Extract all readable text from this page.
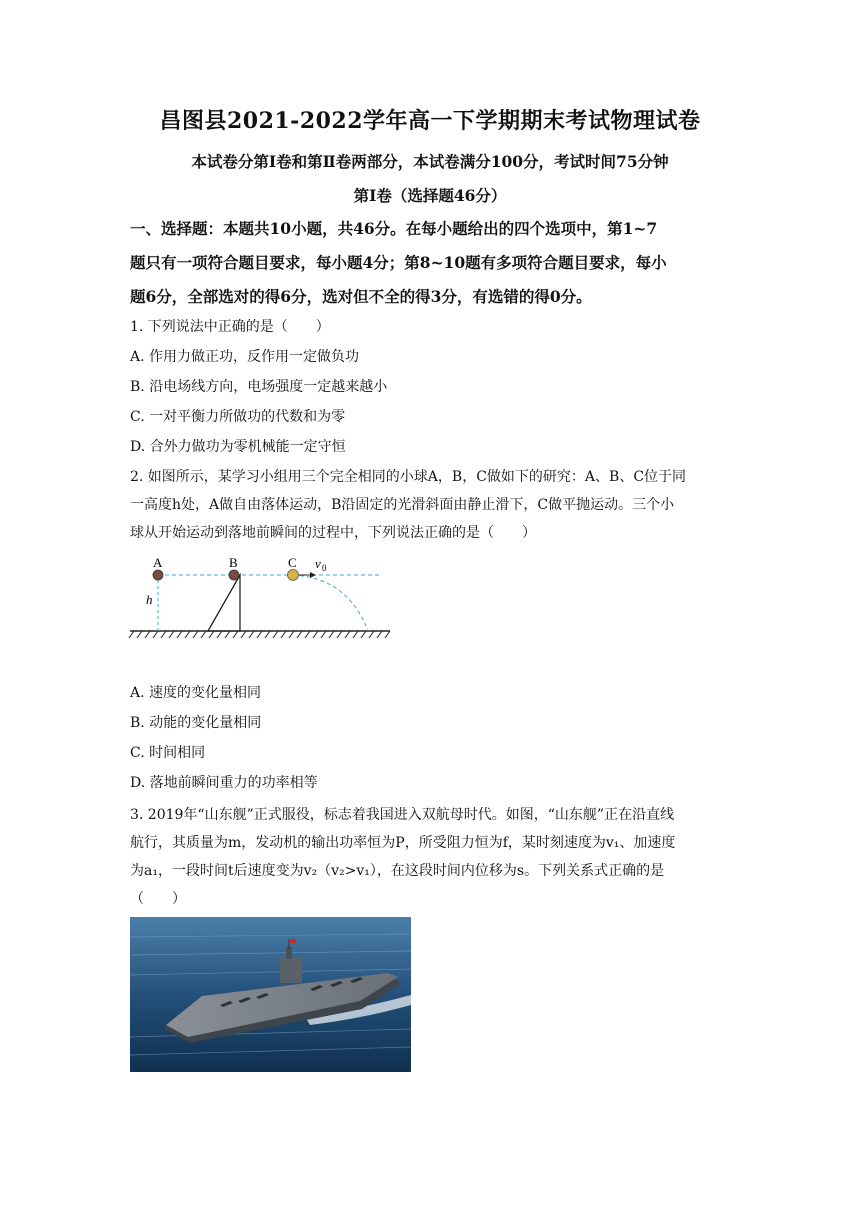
昌图县2021-2022学年高一下学期期末考试物理试卷
本试卷分第Ⅰ卷和第Ⅱ卷两部分，本试卷满分100分，考试时间75分钟
第Ⅰ卷（选择题46分）
一、选择题：本题共10小题，共46分。在每小题给出的四个选项中，第1~7
题只有一项符合题目要求，每小题4分；第8~10题有多项符合题目要求，每小
题6分，全部选对的得6分，选对但不全的得3分，有选错的得0分。
1. 下列说法中正确的是（　　）
A. 作用力做正功，反作用一定做负功
B. 沿电场线方向，电场强度一定越来越小
C. 一对平衡力所做功的代数和为零
D. 合外力做功为零机械能一定守恒
2. 如图所示，某学习小组用三个完全相同的小球A，B，C做如下的研究：A、B、C位于同
一高度h处，A做自由落体运动，B沿固定的光滑斜面由静止滑下，C做平抛运动。三个小
球从开始运动到落地前瞬间的过程中，下列说法正确的是（　　）
A	B	C
h
v 0
A. 速度的变化量相同
B. 动能的变化量相同
C. 时间相同
D. 落地前瞬间重力的功率相等
3. 2019年“山东舰”正式服役，标志着我国进入双航母时代。如图，“山东舰”正在沿直线
航行，其质量为m，发动机的输出功率恒为P，所受阻力恒为f，某时刻速度为v₁、加速度
为a₁，一段时间t后速度变为v₂（v₂>v₁），在这段时间内位移为s。下列关系式正确的是
（　　）
